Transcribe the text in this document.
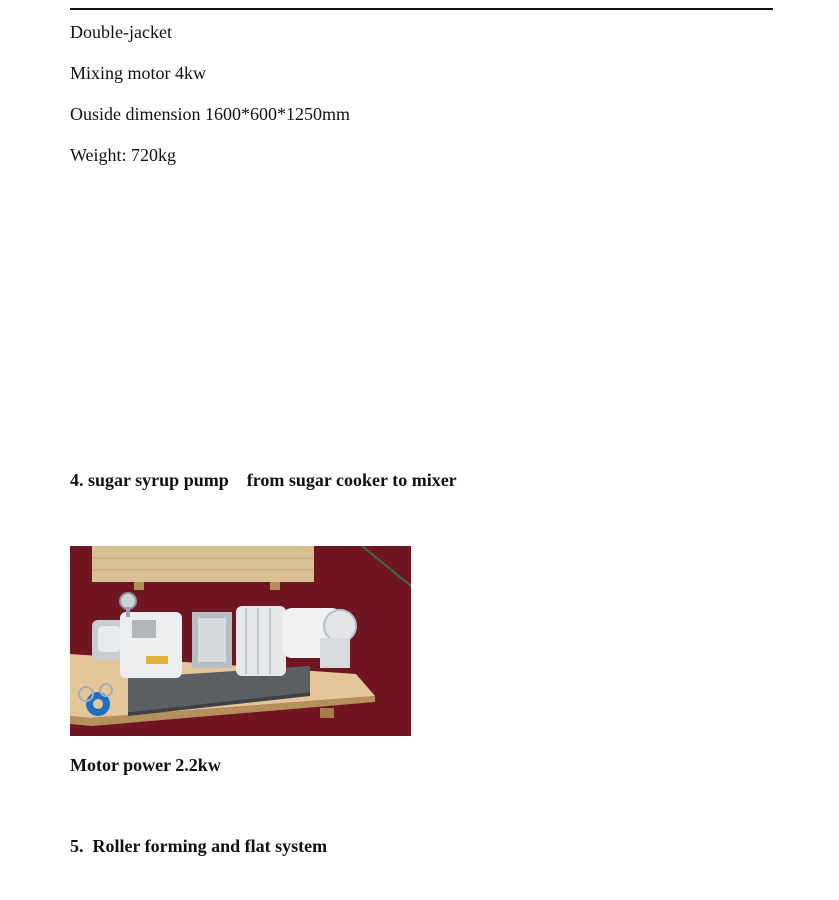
Double-jacket
Mixing motor 4kw
Ouside dimension 1600*600*1250mm
Weight: 720kg
4. sugar syrup pump    from sugar cooker to mixer
Motor power 2.2kw
5.  Roller forming and flat system
